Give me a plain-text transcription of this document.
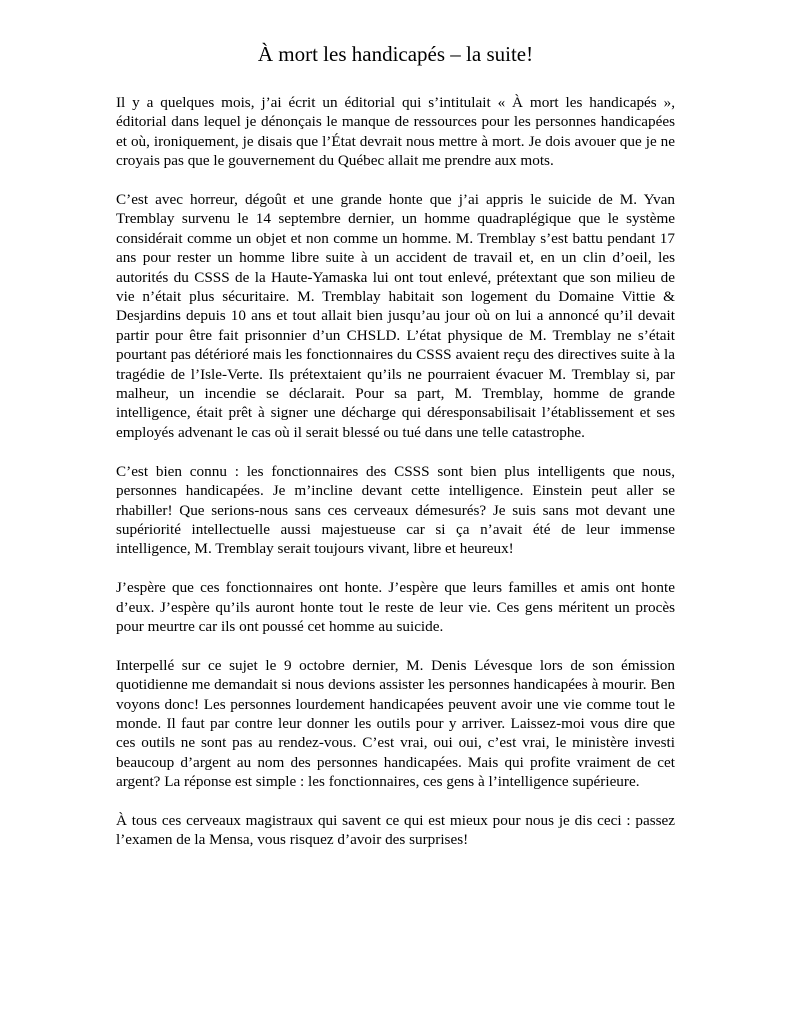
À mort les handicapés – la suite!

Il y a quelques mois, j’ai écrit un éditorial qui s’intitulait « À mort les handicapés », éditorial dans lequel je dénonçais le manque de ressources pour les personnes handicapées et où, ironiquement, je disais que l’État devrait nous mettre à mort. Je dois avouer que je ne croyais pas que le gouvernement du Québec allait me prendre aux mots.

C’est avec horreur, dégoût et une grande honte que j’ai appris le suicide de M. Yvan Tremblay survenu le 14 septembre dernier, un homme quadraplégique que le système considérait comme un objet et non comme un homme. M. Tremblay s’est battu pendant 17 ans pour rester un homme libre suite à un accident de travail et, en un clin d’oeil, les autorités du CSSS de la Haute-Yamaska lui ont tout enlevé, prétextant que son milieu de vie n’était plus sécuritaire. M. Tremblay habitait son logement du Domaine Vittie & Desjardins depuis 10 ans et tout allait bien jusqu’au jour où on lui a annoncé qu’il devait partir pour être fait prisonnier d’un CHSLD. L’état physique de M. Tremblay ne s’était pourtant pas détérioré mais les fonctionnaires du CSSS avaient reçu des directives suite à la tragédie de l’Isle-Verte. Ils prétextaient qu’ils ne pourraient évacuer M. Tremblay si, par malheur, un incendie se déclarait. Pour sa part, M. Tremblay, homme de grande intelligence, était prêt à signer une décharge qui déresponsabilisait l’établissement et ses employés advenant le cas où il serait blessé ou tué dans une telle catastrophe.

C’est bien connu : les fonctionnaires des CSSS sont bien plus intelligents que nous, personnes handicapées. Je m’incline devant cette intelligence. Einstein peut aller se rhabiller! Que serions-nous sans ces cerveaux démesurés? Je suis sans mot devant une supériorité intellectuelle aussi majestueuse car si ça n’avait été de leur immense intelligence, M. Tremblay serait toujours vivant, libre et heureux!

J’espère que ces fonctionnaires ont honte. J’espère que leurs familles et amis ont honte d’eux. J’espère qu’ils auront honte tout le reste de leur vie. Ces gens méritent un procès pour meurtre car ils ont poussé cet homme au suicide.

Interpellé sur ce sujet le 9 octobre dernier, M. Denis Lévesque lors de son émission quotidienne me demandait si nous devions assister les personnes handicapées à mourir. Ben voyons donc! Les personnes lourdement handicapées peuvent avoir une vie comme tout le monde. Il faut par contre leur donner les outils pour y arriver. Laissez-moi vous dire que ces outils ne sont pas au rendez-vous. C’est vrai, oui oui, c’est vrai, le ministère investi beaucoup d’argent au nom des personnes handicapées. Mais qui profite vraiment de cet argent? La réponse est simple : les fonctionnaires, ces gens à l’intelligence supérieure.

À tous ces cerveaux magistraux qui savent ce qui est mieux pour nous je dis ceci : passez l’examen de la Mensa, vous risquez d’avoir des surprises!
